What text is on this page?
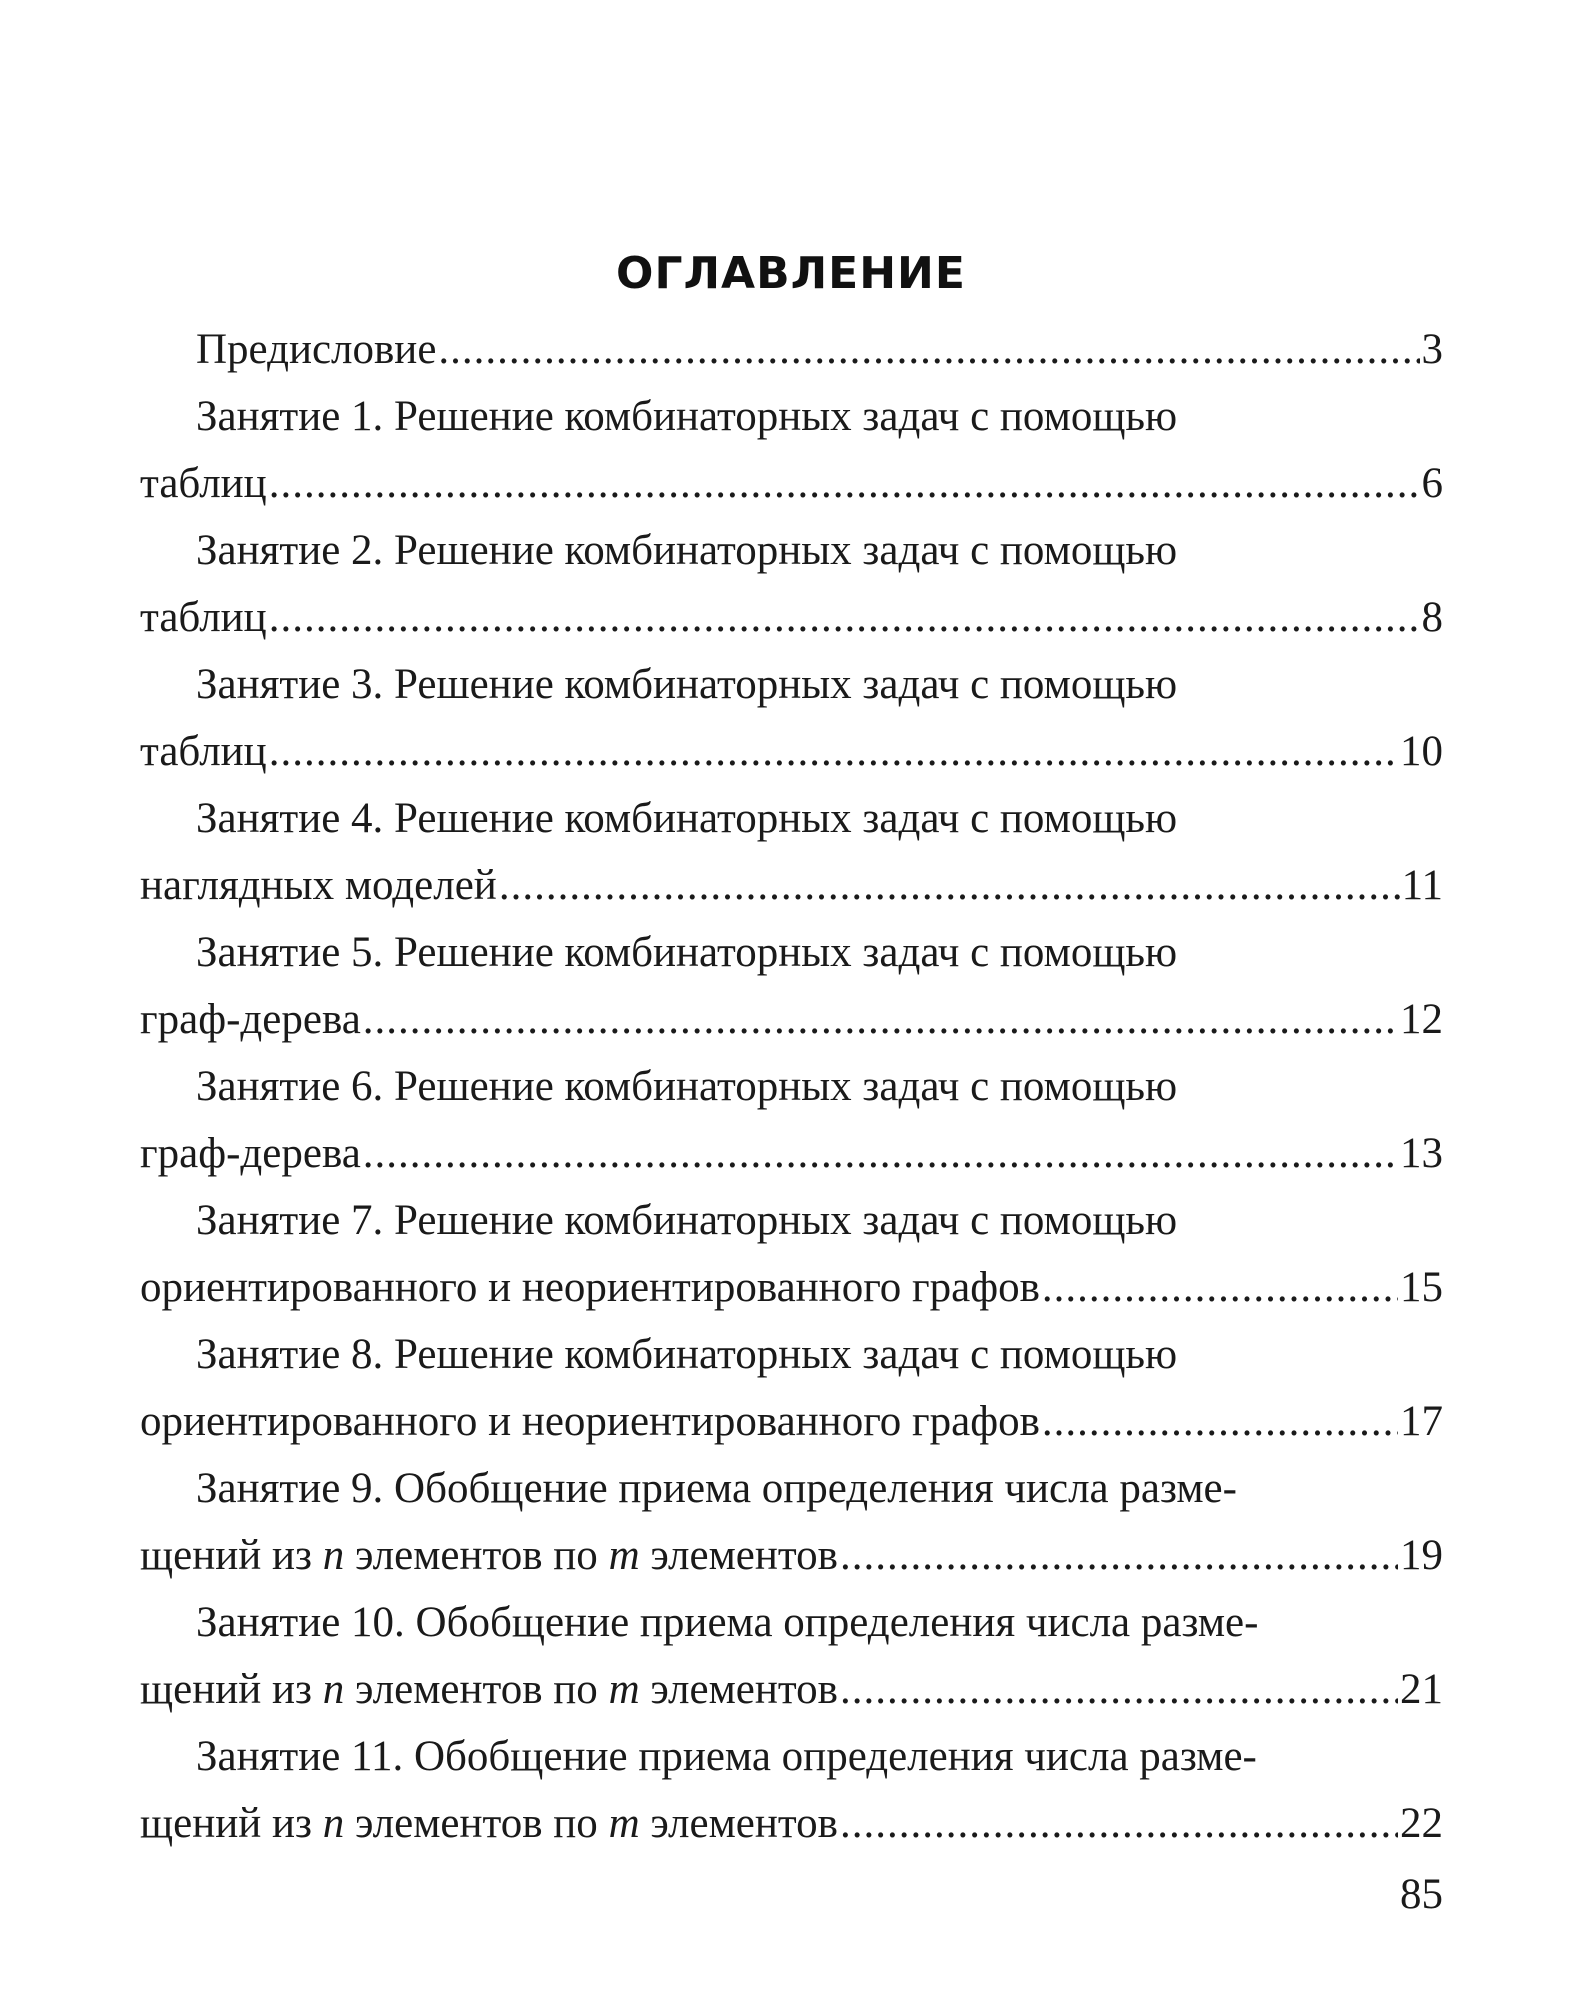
ОГЛАВЛЕНИЕ
Предисловие .....	3
Занятие 1. Решение комбинаторных задач с помощью
таблиц .....	6
Занятие 2. Решение комбинаторных задач с помощью
таблиц .....	8
Занятие 3. Решение комбинаторных задач с помощью
таблиц .....	10
Занятие 4. Решение комбинаторных задач с помощью
наглядных моделей .....	11
Занятие 5. Решение комбинаторных задач с помощью
граф-дерева .....	12
Занятие 6. Решение комбинаторных задач с помощью
граф-дерева .....	13
Занятие 7. Решение комбинаторных задач с помощью
ориентированного и неориентированного графов .....	15
Занятие 8. Решение комбинаторных задач с помощью
ориентированного и неориентированного графов .....	17
Занятие 9. Обобщение приема определения числа разме-
щений из n элементов по m элементов .....	19
Занятие 10. Обобщение приема определения числа разме-
щений из n элементов по m элементов .....	21
Занятие 11. Обобщение приема определения числа разме-
щений из n элементов по m элементов .....	22
85
